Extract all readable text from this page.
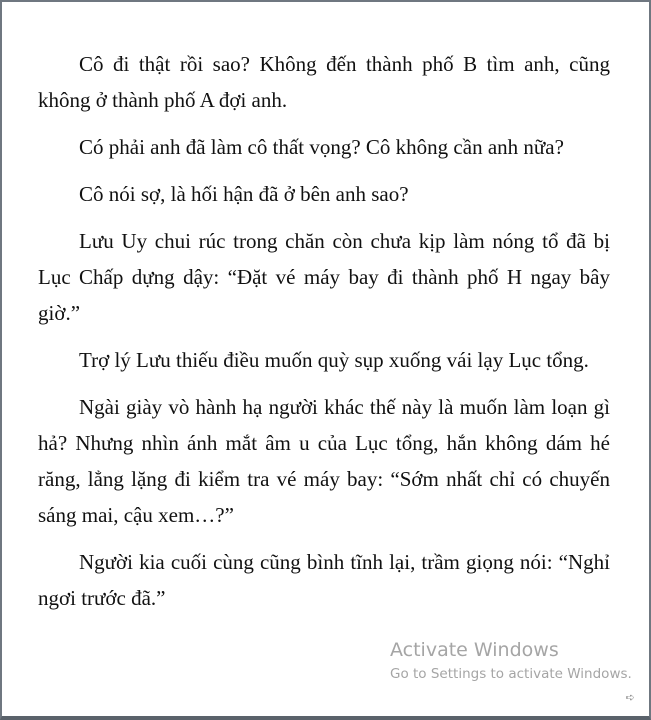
Cô đi thật rồi sao? Không đến thành phố B tìm anh, cũng không ở thành phố A đợi anh.

Có phải anh đã làm cô thất vọng? Cô không cần anh nữa?

Cô nói sợ, là hối hận đã ở bên anh sao?

Lưu Uy chui rúc trong chăn còn chưa kịp làm nóng tổ đã bị Lục Chấp dựng dậy: “Đặt vé máy bay đi thành phố H ngay bây giờ.”

Trợ lý Lưu thiếu điều muốn quỳ sụp xuống vái lạy Lục tổng.

Ngài giày vò hành hạ người khác thế này là muốn làm loạn gì hả? Nhưng nhìn ánh mắt âm u của Lục tổng, hắn không dám hé răng, lẳng lặng đi kiểm tra vé máy bay: “Sớm nhất chỉ có chuyến sáng mai, cậu xem…?”

Người kia cuối cùng cũng bình tĩnh lại, trầm giọng nói: “Nghỉ ngơi trước đã.”

Activate Windows
Go to Settings to activate Windows.
➪
